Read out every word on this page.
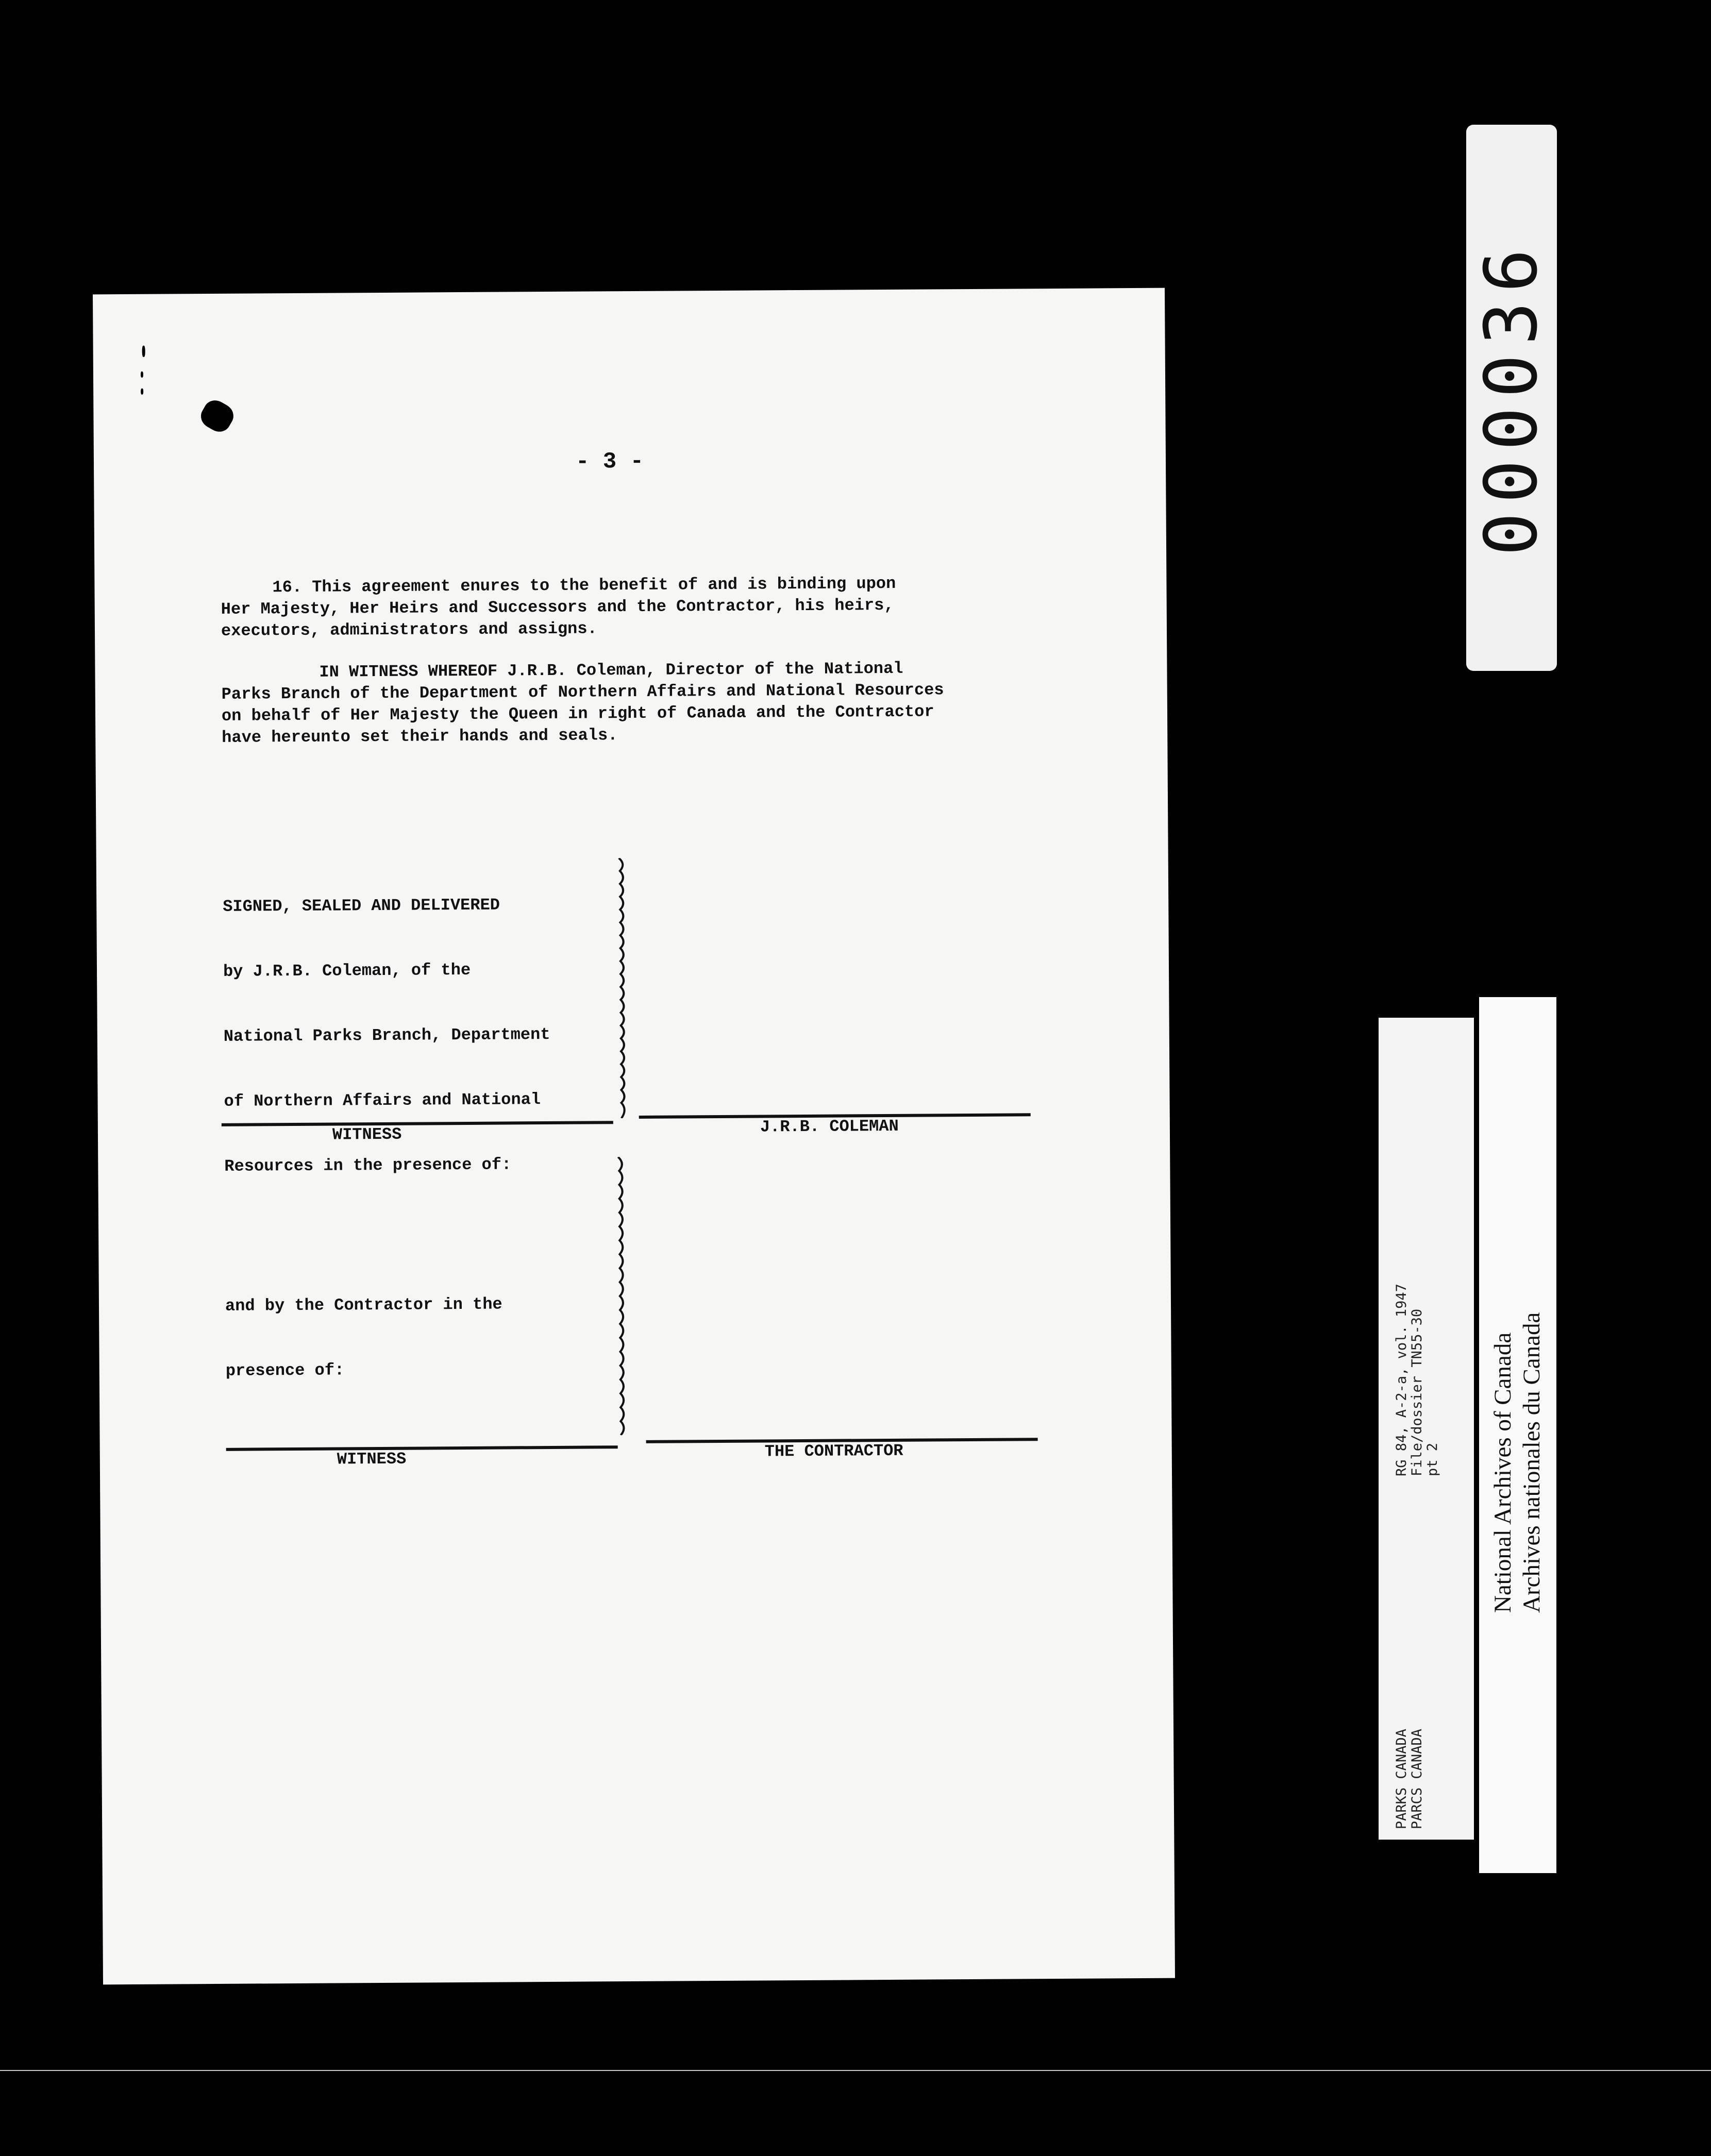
- 3 -

16. This agreement enures to the benefit of and is binding upon

Her Majesty, Her Heirs and Successors and the Contractor, his heirs,

executors, administrators and assigns.

IN WITNESS WHEREOF J.R.B. Coleman, Director of the National

Parks Branch of the Department of Northern Affairs and National Resources

on behalf of Her Majesty the Queen in right of Canada and the Contractor

have hereunto set their hands and seals.

SIGNED, SEALED AND DELIVERED

by J.R.B. Coleman, of the

National Parks Branch, Department

of Northern Affairs and National

Resources in the presence of:

WITNESS	J.R.B. COLEMAN

and by the Contractor in the

presence of:

WITNESS	THE CONTRACTOR
000036
RG 84, A-2-a, vol. 1947 File/dossier TN55-30 pt 2
PARKS CANADA PARCS CANADA
National Archives of Canada Archives nationales du Canada
